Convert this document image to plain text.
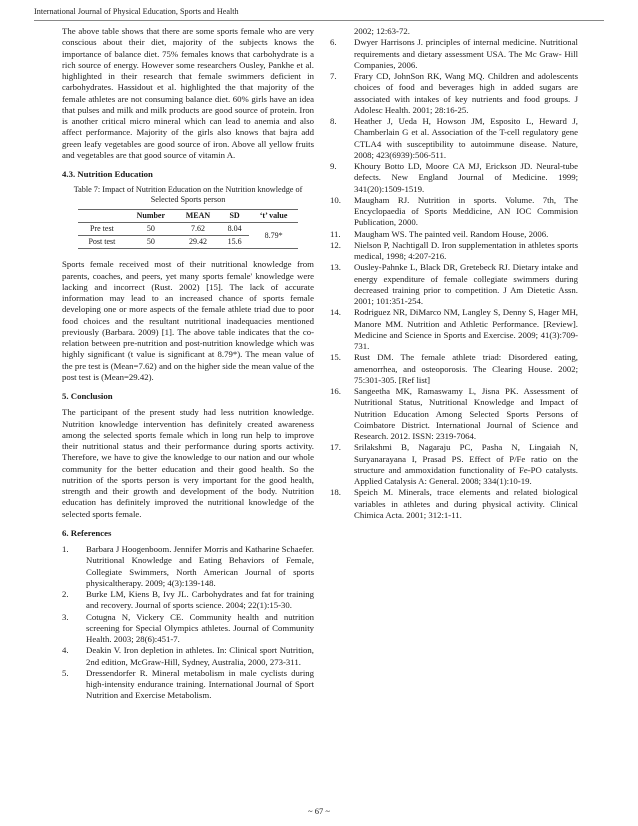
International Journal of Physical Education, Sports and Health

The above table shows that there are some sports female who are very conscious about their diet, majority of the subjects knows the importance of balance diet. 75% females knows that carbohydrate is a rich source of energy. However some researchers Ousley, Pankhe et al. highlighted in their research that female swimmers deficient in carbohydrates. Hassidout et al. highlighted the that majority of the female athletes are not consuming balance diet. 60% girls have an idea that pulses and milk and milk products are good source of protein. Iron is another critical micro mineral which can lead to anemia and also affect performance. Majority of the girls also knows that bajra add green leafy vegetables are good source of iron. Above all yellow fruits and vegetables are that good source of vitamin A.

4.3. Nutrition Education
Table 7: Impact of Nutrition Education on the Nutrition knowledge of Selected Sports person
	Number	MEAN	SD	‘t’ value
Pre test	50	7.62	8.04	8.79*
Post test	50	29.42	15.6	

Sports female received most of their nutritional knowledge from parents, coaches, and peers, yet many sports female' knowledge were lacking and incorrect (Rust. 2002) [15]. The lack of accurate information may lead to an increased chance of sports female developing one or more aspects of the female athlete triad due to poor food choices and the resultant nutritional inadequacies mentioned previously (Barbara. 2009) [1]. The above table indicates that the co-relation between pre-nutrition and post-nutrition knowledge which was highly significant (t value is significant at 8.79*). The mean value of the pre test is (Mean=7.62) and on the higher side the mean value of the post test is (Mean=29.42).

5. Conclusion

The participant of the present study had less nutrition knowledge. Nutrition knowledge intervention has definitely created awareness among the selected sports female which in long run help to improve their nutritional status and their performance during sports activity. Therefore, we have to give the knowledge to our nation and our whole community for the better education and their good health. So the nutrition of the sports person is very important for the good health, strength and their growth and development of the body. Nutrition education has definitely improved the nutritional knowledge of the selected sports female.

6. References
1. Barbara J Hoogenboom. Jennifer Morris and Katharine Schaefer. Nutritional Knowledge and Eating Behaviors of Female, Collegiate Swimmers, North American Journal of sports physicaltherapy. 2009; 4(3):139-148.
2. Burke LM, Kiens B, Ivy JL. Carbohydrates and fat for training and recovery. Journal of sports science. 2004; 22(1):15-30.
3. Cotugna N, Vickery CE. Community health and nutrition screening for Special Olympics athletes. Journal of Community Health. 2003; 28(6):451-7.
4. Deakin V. Iron depletion in athletes. In: Clinical sport Nutrition, 2nd edition, McGraw-Hill, Sydney, Australia, 2000, 273-311.
5. Dressendorfer R. Mineral metabolism in male cyclists during high-intensity endurance training. International Journal of Sport Nutrition and Exercise Metabolism.
2002; 12:63-72.
6. Dwyer Harrisons J. principles of internal medicine. Nutritional requirements and dietary assessment USA. The Mc Graw- Hill Companies, 2006.
7. Frary CD, JohnSon RK, Wang MQ. Children and adolescents choices of food and beverages high in added sugars are associated with intakes of key nutrients and food groups. J Adolesc Health. 2001; 28:16-25.
8. Heather J, Ueda H, Howson JM, Esposito L, Heward J, Chamberlain G et al. Association of the T-cell regulatory gene CTLA4 with susceptibility to autoimmune disease. Nature, 2008; 423(6939):506-511.
9. Khoury Botto LD, Moore CA MJ, Erickson JD. Neural-tube defects. New England Journal of Medicine. 1999; 341(20):1509-1519.
10. Maugham RJ. Nutrition in sports. Volume. 7th, The Encyclopaedia of Sports Meddicine, AN IOC Commision Publication, 2000.
11. Maugham WS. The painted veil. Random House, 2006.
12. Nielson P, Nachtigall D. Iron supplementation in athletes sports medical, 1998; 4:207-216.
13. Ousley-Pahnke L, Black DR, Gretebeck RJ. Dietary intake and energy expenditure of female collegiate swimmers during decreased training prior to competition. J Am Dietetic Assn. 2001; 101:351-254.
14. Rodriguez NR, DiMarco NM, Langley S, Denny S, Hager MH, Manore MM. Nutrition and Athletic Performance. [Review]. Medicine and Science in Sports and Exercise. 2009; 41(3):709-731.
15. Rust DM. The female athlete triad: Disordered eating, amenorrhea, and osteoporosis. The Clearing House. 2002; 75:301-305. [Ref list]
16. Sangeetha MK, Ramaswamy L, Jisna PK. Assessment of Nutritional Status, Nutritional Knowledge and Impact of Nutrition Education Among Selected Sports Persons of Coimbatore District. International Journal of Science and Research. 2012. ISSN: 2319-7064.
17. Srilakshmi B, Nagaraju PC, Pasha N, Lingaiah N, Suryanarayana I, Prasad PS. Effect of P/Fe ratio on the structure and ammoxidation functionality of Fe-PO catalysts. Applied Catalysis A: General. 2008; 334(1):10-19.
18. Speich M. Minerals, trace elements and related biological variables in athletes and during physical activity. Clinical Chimica Acta. 2001; 312:1-11.
~ 67 ~
